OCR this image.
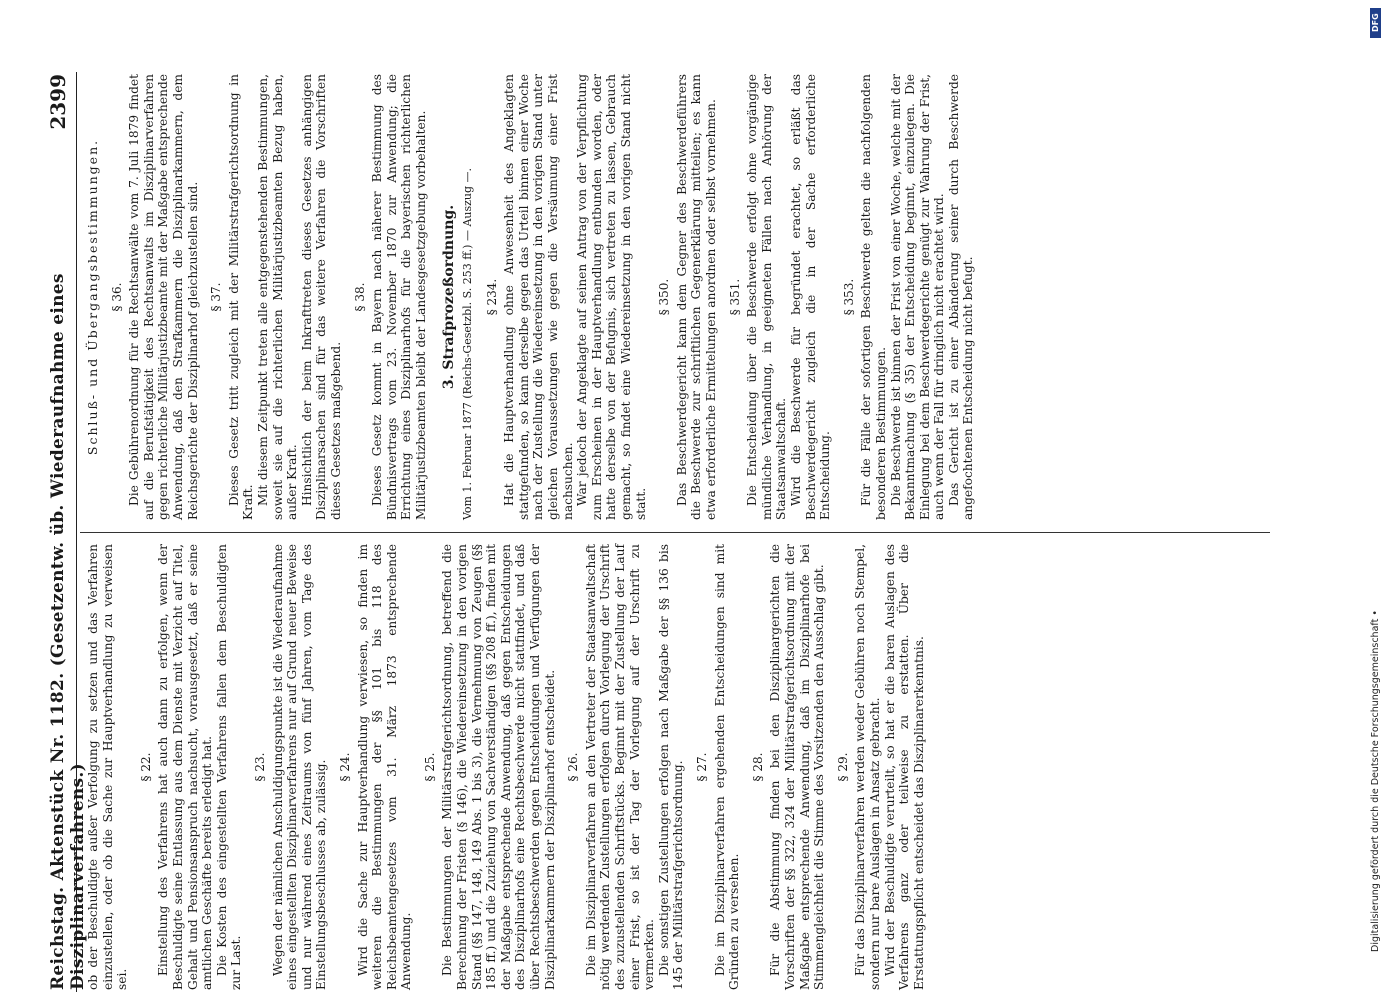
Reichstag. Aktenstück Nr. 1182. (Gesetzentw. üb. Wiederaufnahme eines Disziplinarverfahrens.)
2399

ob der Beschuldigte außer Verfolgung zu setzen und das Verfahren einzustellen, oder ob die Sache zur Hauptverhandlung zu verweisen sei.

§ 22. Einstellung des Verfahrens hat auch dann zu erfolgen, wenn der Beschuldigte seine Entlassung aus dem Dienste mit Verzicht auf Titel, Gehalt und Pensionsanspruch nachsucht, vorausgesetzt, daß er seine amtlichen Geschäfte bereits erledigt hat. Die Kosten des eingestellten Verfahrens fallen dem Beschuldigten zur Last.

§ 23. Wegen der nämlichen Anschuldigungspunkte ist die Wiederaufnahme eines eingestellten Disziplinarverfahrens nur auf Grund neuer Beweise und nur während eines Zeitraums von fünf Jahren, vom Tage des Einstellungsbeschlusses ab, zulässig. § 24. Wird die Sache zur Hauptverhandlung verwiesen, so finden im weiteren die Bestimmungen der §§ 101 bis 118 des Reichsbeamtengesetzes vom 31. März 1873 entsprechende Anwendung.

§ 25. Die Bestimmungen der Militärstrafgerichtsordnung, betreffend die Berechnung der Fristen (§ 146), die Wiedereinsetzung in den vorigen Stand (§§ 147, 148, 149 Abs. 1 bis 3), die Vernehmung von Zeugen (§§ 185 ff.) und die Zuziehung von Sachverständigen (§§ 208 ff.), finden mit der Maßgabe entsprechende Anwendung, daß gegen Entscheidungen des Disziplinarhofs eine Rechtsbeschwerde nicht stattfindet, und daß über Rechtsbeschwerden gegen Entscheidungen und Verfügungen der Disziplinarkammern der Disziplinarhof entscheidet. § 26. Die im Disziplinarverfahren an den Vertreter der Staatsanwaltschaft nötig werdenden Zustellungen erfolgen durch Vorlegung der Urschrift des zuzustellenden Schriftstücks. Beginnt mit der Zustellung der Lauf einer Frist, so ist der Tag der Vorlegung auf der Urschrift zu vermerken. Die sonstigen Zustellungen erfolgen nach Maßgabe der §§ 136 bis 145 der Militärstrafgerichtsordnung. § 27. Die im Disziplinarverfahren ergehenden Entscheidungen sind mit Gründen zu versehen.

§ 28. Für die Abstimmung finden bei den Disziplinargerichten die Vorschriften der §§ 322, 324 der Militärstrafgerichtsordnung mit der Maßgabe entsprechende Anwendung, daß im Disziplinarhofe bei Stimmengleichheit die Stimme des Vorsitzenden den Ausschlag gibt. § 29. Für das Disziplinarverfahren werden weder Gebühren noch Stempel, sondern nur bare Auslagen in Ansatz gebracht. Wird der Beschuldigte verurteilt, so hat er die baren Auslagen des Verfahrens ganz oder teilweise zu erstatten. Über die Erstattungspflicht entscheidet das Disziplinarerkenntnis.

Schluß- und Übergangsbestimmungen. § 36. Die Gebührenordnung für die Rechtsanwälte vom 7. Juli 1879 findet auf die Berufstätigkeit des Rechtsanwalts im Disziplinarverfahren gegen richterliche Militärjustizbeamte mit der Maßgabe entsprechende Anwendung, daß den Strafkammern die Disziplinarkammern, dem Reichsgerichte der Disziplinarhof gleichzustellen sind. § 37. Dieses Gesetz tritt zugleich mit der Militärstrafgerichtsordnung in Kraft. Mit diesem Zeitpunkt treten alle entgegenstehenden Bestimmungen, soweit sie auf die richterlichen Militärjustizbeamten Bezug haben, außer Kraft. Hinsichtlich der beim Inkrafttreten dieses Gesetzes anhängigen Disziplinarsachen sind für das weitere Verfahren die Vorschriften dieses Gesetzes maßgebend.

§ 38. Dieses Gesetz kommt in Bayern nach näherer Bestimmung des Bündnisvertrags vom 23. November 1870 zur Anwendung; die Errichtung eines Disziplinarhofs für die bayerischen richterlichen Militärjustizbeamten bleibt der Landesgesetzgebung vorbehalten. 3. Strafprozeßordnung. Vom 1. Februar 1877 (Reichs-Gesetzbl. S. 253 ff.) — Auszug —. § 234. Hat die Hauptverhandlung ohne Anwesenheit des Angeklagten stattgefunden, so kann derselbe gegen das Urteil binnen einer Woche nach der Zustellung die Wiedereinsetzung in den vorigen Stand unter gleichen Voraussetzungen wie gegen die Versäumung einer Frist nachsuchen. War jedoch der Angeklagte auf seinen Antrag von der Verpflichtung zum Erscheinen in der Hauptverhandlung entbunden worden, oder hatte derselbe von der Befugnis, sich vertreten zu lassen, Gebrauch gemacht, so findet eine Wiedereinsetzung in den vorigen Stand nicht statt.

§ 350. Das Beschwerdegericht kann dem Gegner des Beschwerdeführers die Beschwerde zur schriftlichen Gegenerklärung mitteilen; es kann etwa erforderliche Ermittelungen anordnen oder selbst vornehmen. § 351. Die Entscheidung über die Beschwerde erfolgt ohne vorgängige mündliche Verhandlung, in geeigneten Fällen nach Anhörung der Staatsanwaltschaft. Wird die Beschwerde für begründet erachtet, so erläßt das Beschwerdegericht zugleich die in der Sache erforderliche Entscheidung.

§ 353. Für die Fälle der sofortigen Beschwerde gelten die nachfolgenden besonderen Bestimmungen. Die Beschwerde ist binnen der Frist von einer Woche, welche mit der Bekanntmachung (§ 35) der Entscheidung beginnt, einzulegen. Die Einlegung bei dem Beschwerdegerichte genügt zur Wahrung der Frist, auch wenn der Fall für dringlich nicht erachtet wird. Das Gericht ist zu einer Abänderung seiner durch Beschwerde angefochtenen Entscheidung nicht befugt.

DFG
Digitalisierung gefördert durch die Deutsche Forschungsgemeinschaft •
